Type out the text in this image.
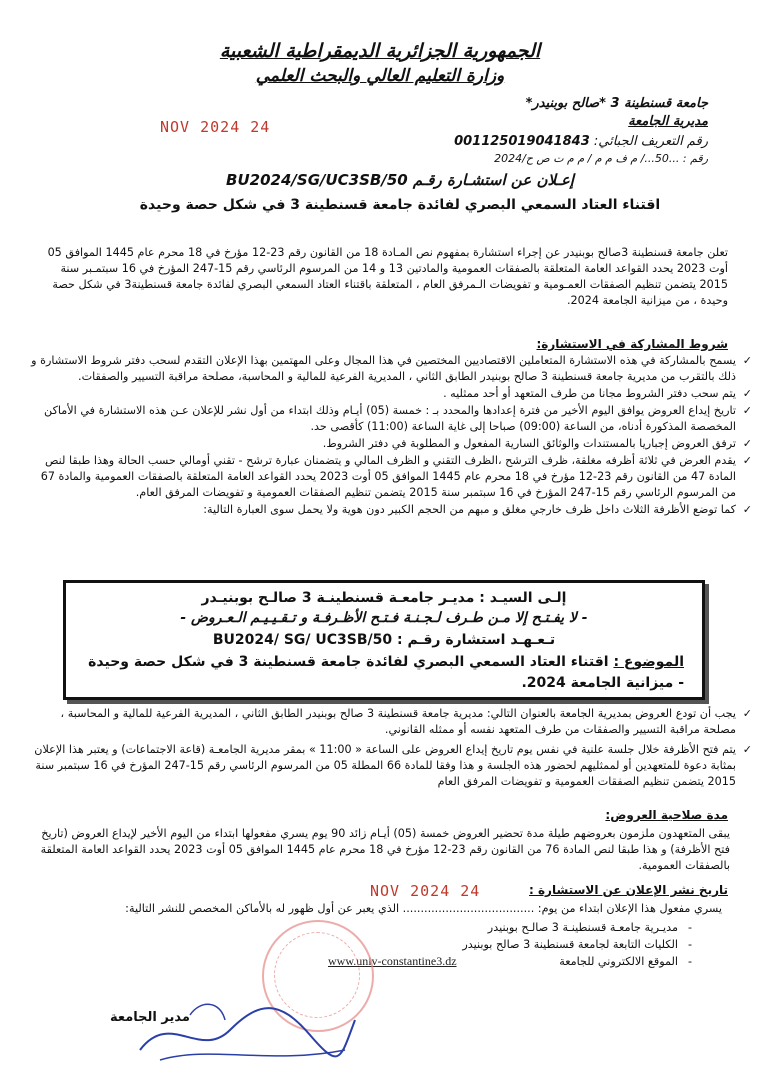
الجمهورية الجزائرية الديمقراطية الشعبية
وزارة التعليم العالي والبحث العلمي
جامعة قسنطينة 3 *صالح بوبنيدر*
مديرية الجامعة
24 NOV 2024
رقم التعريف الجبائي: 001125019041843
رقم : ...50.../ م ف م م / م م ت ص ح/2024
إعـلان عن استشـارة رقـم BU2024/SG/UC3SB/50
اقتناء العتاد السمعي البصري لفائدة جامعة قسنطينة 3 في شكل حصة وحيدة
تعلن جامعة قسنطينة 3صالح بوبنيدر عن إجراء استشارة بمفهوم نص المـادة 18 من القانون رقم 23-12 مؤرخ في 18 محرم عام 1445 الموافق 05 أوت 2023 يحدد القواعد العامة المتعلقة بالصفقات العمومية والمادتين 13 و 14 من المرسوم الرئاسي رقم 15-247 المؤرخ في 16 سبتمـبر سنة 2015 يتضمن تنظيم الصفقات العمـومية و تفويضات الـمرفق العام ، المتعلقة باقتناء العتاد السمعي البصري لفائدة جامعة قسنطينة3 في شكل حصة وحيدة ، من ميزانية الجامعة 2024.
شروط المشاركة في الاستشارة:
✓ يسمح بالمشاركة في هذه الاستشارة المتعاملين الاقتصاديين المختصين في هذا المجال وعلى المهتمين بهذا الإعلان التقدم لسحب دفتر شروط الاستشارة و ذلك بالتقرب من مديرية جامعة قسنطينة 3 صالح بوبنيدر الطابق الثاني ، المديرية الفرعية للمالية و المحاسبة، مصلحة مراقبة التسيير والصفقات.
✓ يتم سحب دفتر الشروط مجانا من طرف المتعهد أو أحد ممثليه .
✓ تاريخ إيداع العروض يوافق اليوم الأخير من فترة إعدادها والمحدد بـ : خمسة (05) أيـام وذلك ابتداء من أول نشر للإعلان عـن هذه الاستشارة في الأماكن المخصصة المذكورة أدناه، من الساعة (09:00) صباحا إلى غاية الساعة (11:00) كأقصى حد.
✓ ترفق العروض إجباريا بالمستندات والوثائق السارية المفعول و المطلوبة في دفتر الشروط.
✓ يقدم العرض في ثلاثة أظرفه مغلقة، ظرف الترشح ،الظرف التقني و الظرف المالي و يتضمنان عبارة ترشح - تقني أومالي حسب الحالة وهذا طبقا لنص المادة 47 من القانون رقم 23-12 مؤرخ في 18 محرم عام 1445 الموافق 05 أوت 2023 يحدد القواعد العامة المتعلقة بالصفقات العمومية والمادة 67 من المرسوم الرئاسي رقم 15-247 المؤرخ في 16 سبتمبر سنة 2015 يتضمن تنظيم الصفقات العمومية و تفويضات المرفق العام.
✓ كما توضع الأظرفة الثلاث داخل ظرف خارجي مغلق و مبهم من الحجم الكبير دون هوية ولا يحمل سوى العبارة التالية:
إلـى السيـد : مديـر جامعـة قسنطينـة 3 صالـح بوبنيـدر
- لا يفـتـح إلا مـن طـرف لـجـنـة فـتـح الأظـرفـة و تـقـيـيـم الـعـروض -
تـعـهـد استشارة رقـم : BU2024/ SG/ UC3SB/50
الموضوع : اقتناء العتاد السمعي البصري لفائدة جامعة قسنطينة 3 في شكل حصة وحيدة
- ميزانية الجامعة 2024.
✓ يجب أن تودع العروض بمديرية الجامعة بالعنوان التالي: مديرية جامعة قسنطينة 3 صالح بوبنيدر الطابق الثاني ، المديرية الفرعية للمالية و المحاسبة ، مصلحة مراقبة التسيير والصفقات من طرف المتعهد نفسه أو ممثله القانوني.
✓ يتم فتح الأظرفة خلال جلسة علنية في نفس يوم تاريخ إيداع العروض على الساعة « 11:00 » بمقر مديرية الجامعـة (قاعة الاجتماعات) و يعتبر هذا الإعلان بمثابة دعوة للمتعهدين أو لممثليهم لحضور هذه الجلسة و هذا وفقا للمادة 66 المطلة 05 من المرسوم الرئاسي رقم 15-247 المؤرخ في 16 سبتمبر سنة 2015 يتضمن تنظيم الصفقات العمومية و تفويضات المرفق العام
مدة صلاحية العروض:
يبقى المتعهدون ملزمون بعروضهم طيلة مدة تحضير العروض خمسة (05) أيـام زائد 90 يوم يسري مفعولها ابتداء من اليوم الأخير لإيداع العروض (تاريخ فتح الأظرفة) و هذا طبقا لنص المادة 76 من القانون رقم 23-12 مؤرخ في 18 محرم عام 1445 الموافق 05 أوت 2023 يحدد القواعد العامة المتعلقة بالصفقات العمومية.
24 NOV 2024	تاريخ نشر الإعلان عن الاستشارة :
يسري مفعول هذا الإعلان ابتداء من يوم: ..................................... الذي يعبر عن أول ظهور له بالأماكن المخصص للنشر التالية:
- مديـرية جامعـة قسنطينـة 3 صالـح بوبنيدر
- الكليات التابعة لجامعة قسنطينة 3 صالح بوبنيدر
- الموقع الالكتروني للجامعة
www.univ-constantine3.dz
مدير الجامعة
